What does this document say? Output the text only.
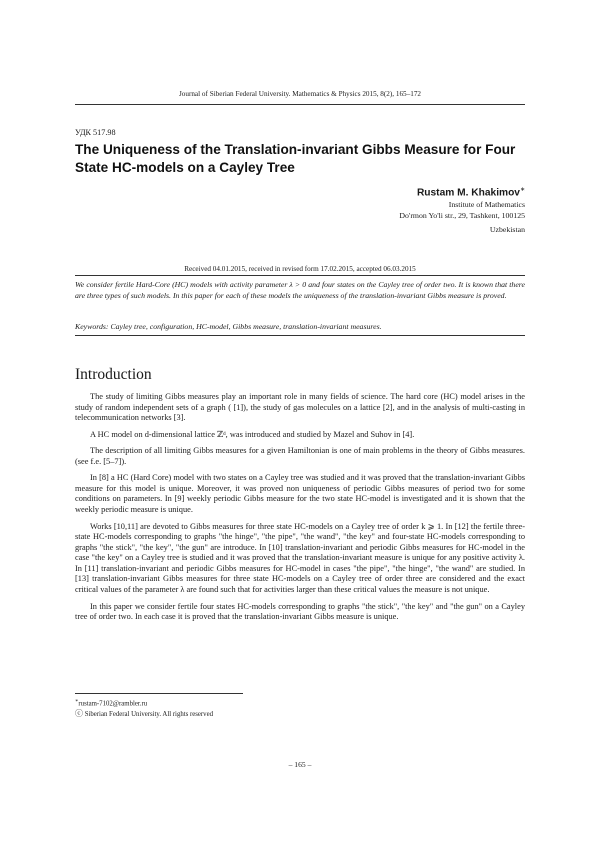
Journal of Siberian Federal University. Mathematics & Physics 2015, 8(2), 165–172
УДК 517.98
The Uniqueness of the Translation-invariant Gibbs Measure for Four State HC-models on a Cayley Tree
Rustam M. Khakimov∗
Institute of Mathematics
Do'rmon Yo'li str., 29, Tashkent, 100125
Uzbekistan
Received 04.01.2015, received in revised form 17.02.2015, accepted 06.03.2015

We consider fertile Hard-Core (HC) models with activity parameter λ > 0 and four states on the Cayley tree of order two. It is known that there are three types of such models. In this paper for each of these models the uniqueness of the translation-invariant Gibbs measure is proved.

Keywords: Cayley tree, configuration, HC-model, Gibbs measure, translation-invariant measures.

Introduction

The study of limiting Gibbs measures play an important role in many fields of science. The hard core (HC) model arises in the study of random independent sets of a graph ( [1]), the study of gas molecules on a lattice [2], and in the analysis of multi-casting in telecommunication networks [3].

A HC model on d-dimensional lattice ℤᵈ, was introduced and studied by Mazel and Suhov in [4].

The description of all limiting Gibbs measures for a given Hamiltonian is one of main problems in the theory of Gibbs measures. (see f.e. [5–7]).

In [8] a HC (Hard Core) model with two states on a Cayley tree was studied and it was proved that the translation-invariant Gibbs measure for this model is unique. Moreover, it was proved non uniqueness of periodic Gibbs measures of period two for some conditions on parameters. In [9] weekly periodic Gibbs measure for the two state HC-model is investigated and it is shown that the weekly periodic measure is unique.

Works [10,11] are devoted to Gibbs measures for three state HC-models on a Cayley tree of order k ⩾ 1. In [12] the fertile three-state HC-models corresponding to graphs "the hinge", "the pipe", "the wand", "the key" and four-state HC-models corresponding to graphs "the stick", "the key", "the gun" are introduce. In [10] translation-invariant and periodic Gibbs measures for HC-model in the case "the key" on a Cayley tree is studied and it was proved that the translation-invariant measure is unique for any positive activity λ. In [11] translation-invariant and periodic Gibbs measures for HC-model in cases "the pipe", "the hinge", "the wand" are studied. In [13] translation-invariant Gibbs measures for three state HC-models on a Cayley tree of order three are considered and the exact critical values of the parameter λ are found such that for activities larger than these critical values the measure is not unique.

In this paper we consider fertile four states HC-models corresponding to graphs "the stick", "the key" and "the gun" on a Cayley tree of order two. In each case it is proved that the translation-invariant Gibbs measure is unique.

∗rustam-7102@rambler.ru
ⓒ Siberian Federal University. All rights reserved
– 165 –
